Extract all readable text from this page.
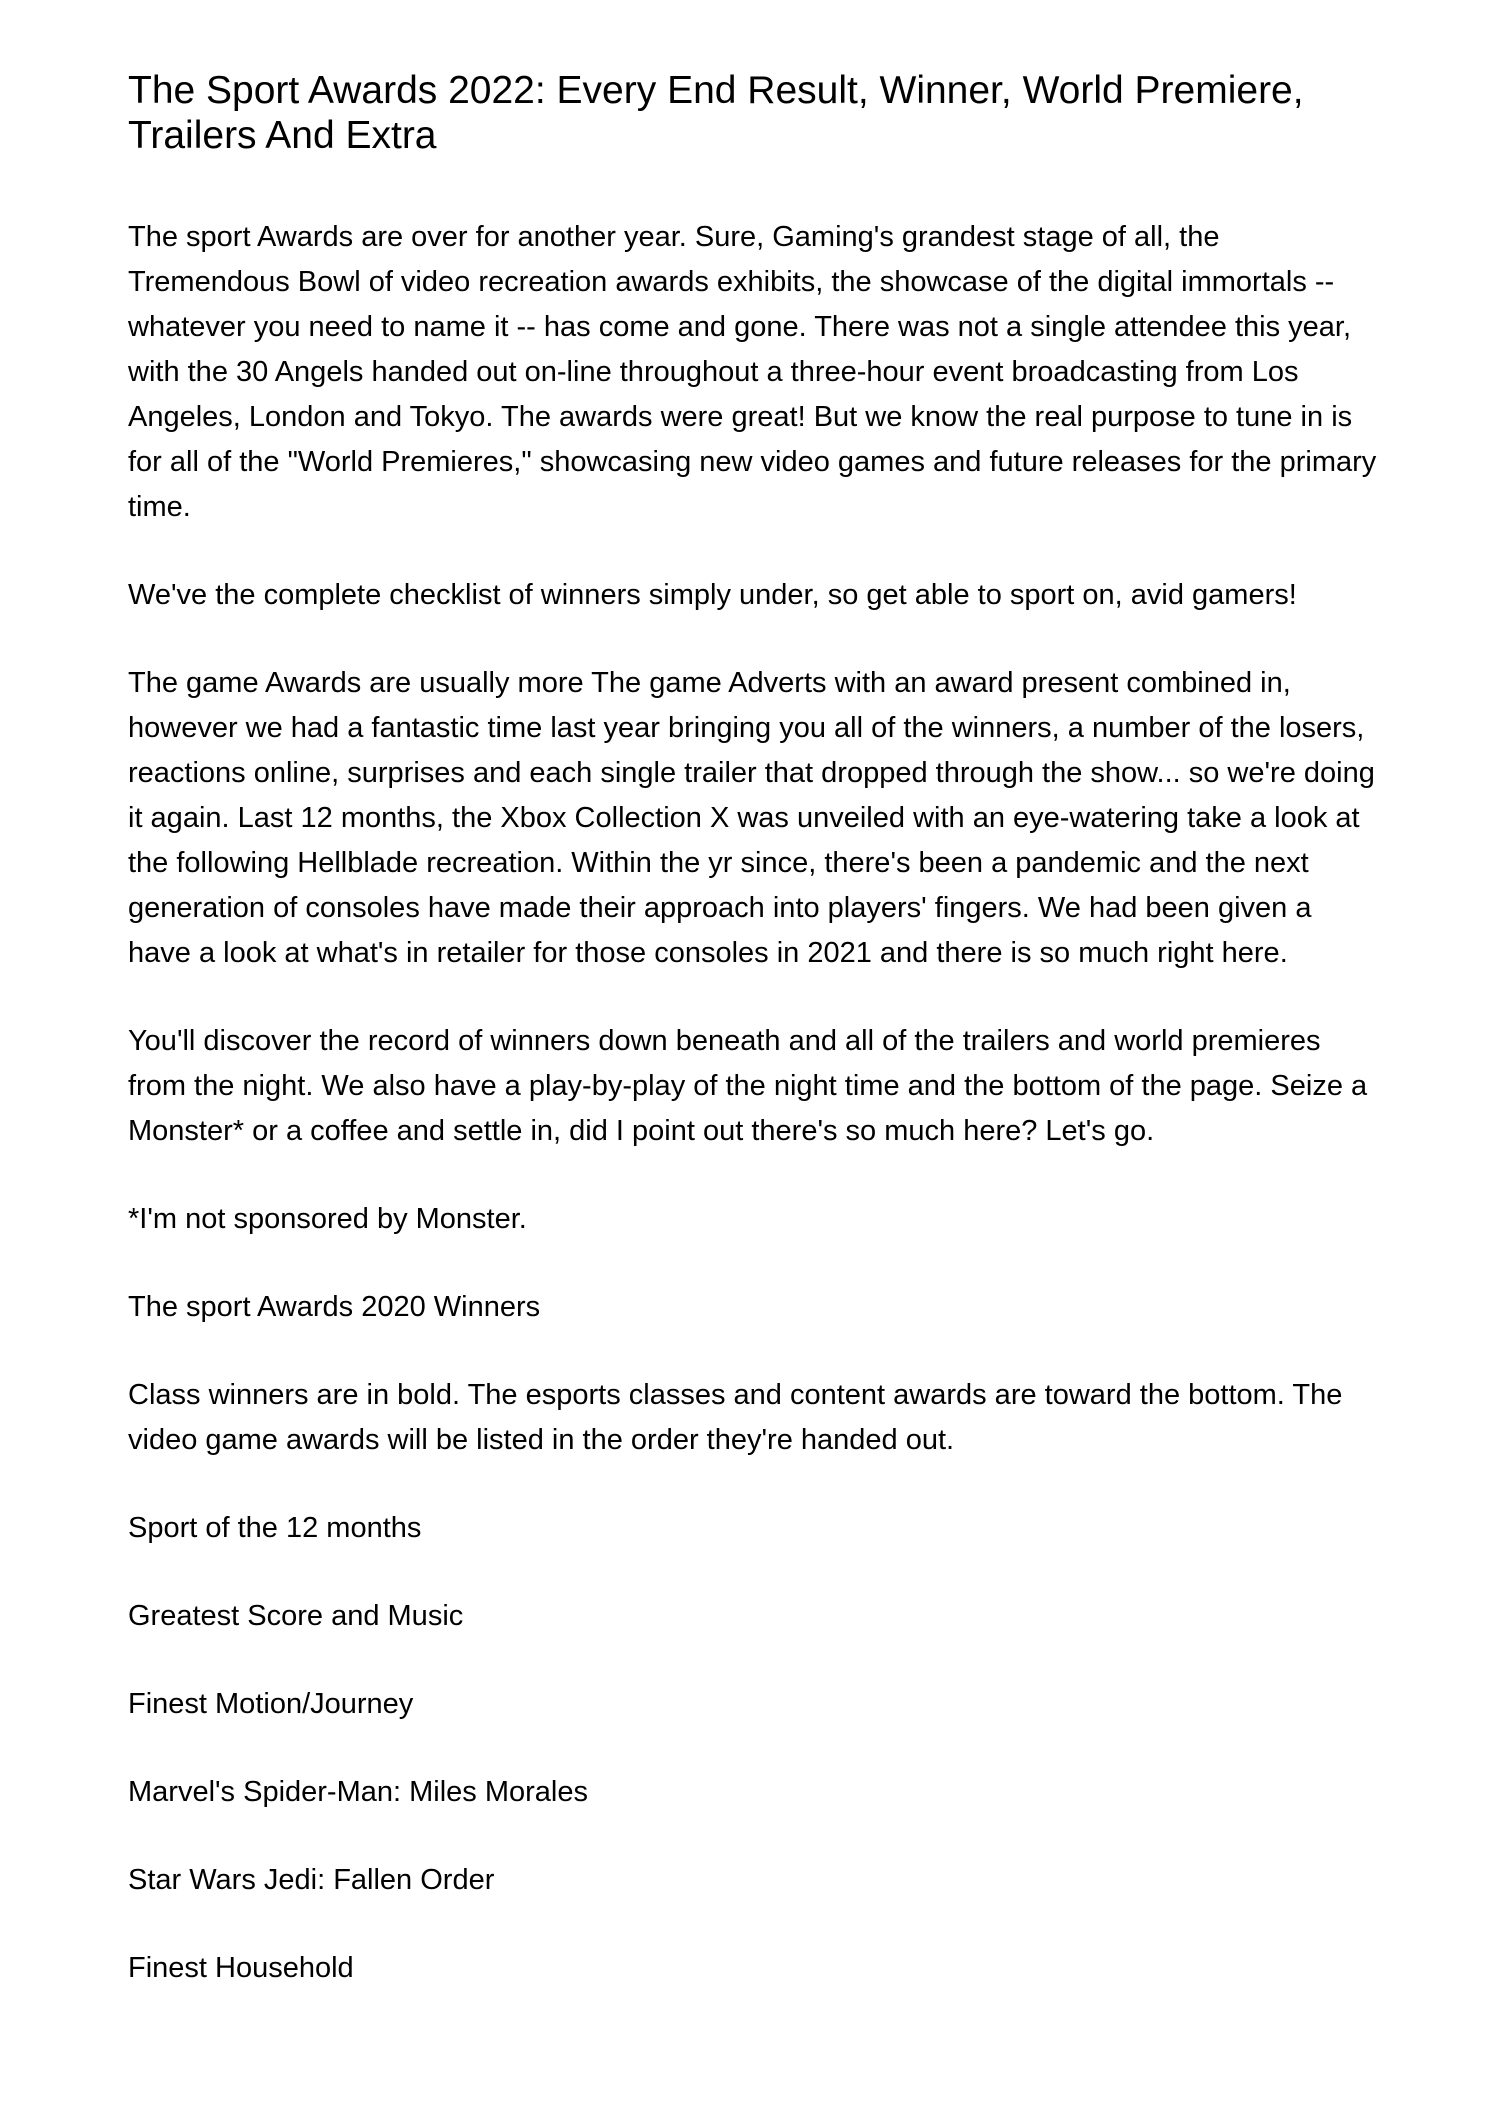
The Sport Awards 2022: Every End Result, Winner, World Premiere, Trailers And Extra

The sport Awards are over for another year. Sure, Gaming's grandest stage of all, the Tremendous Bowl of video recreation awards exhibits, the showcase of the digital immortals -- whatever you need to name it -- has come and gone. There was not a single attendee this year, with the 30 Angels handed out on-line throughout a three-hour event broadcasting from Los Angeles, London and Tokyo. The awards were great! But we know the real purpose to tune in is for all of the "World Premieres," showcasing new video games and future releases for the primary time.

We've the complete checklist of winners simply under, so get able to sport on, avid gamers!

The game Awards are usually more The game Adverts with an award present combined in, however we had a fantastic time last year bringing you all of the winners, a number of the losers, reactions online, surprises and each single trailer that dropped through the show... so we're doing it again. Last 12 months, the Xbox Collection X was unveiled with an eye-watering take a look at the following Hellblade recreation. Within the yr since, there's been a pandemic and the next generation of consoles have made their approach into players' fingers. We had been given a have a look at what's in retailer for those consoles in 2021 and there is so much right here.

You'll discover the record of winners down beneath and all of the trailers and world premieres from the night. We also have a play-by-play of the night time and the bottom of the page. Seize a Monster* or a coffee and settle in, did I point out there's so much here? Let's go.

*I'm not sponsored by Monster.

The sport Awards 2020 Winners

Class winners are in bold. The esports classes and content awards are toward the bottom. The video game awards will be listed in the order they're handed out.

Sport of the 12 months

Greatest Score and Music

Finest Motion/Journey

Marvel's Spider-Man: Miles Morales

Star Wars Jedi: Fallen Order

Finest Household
